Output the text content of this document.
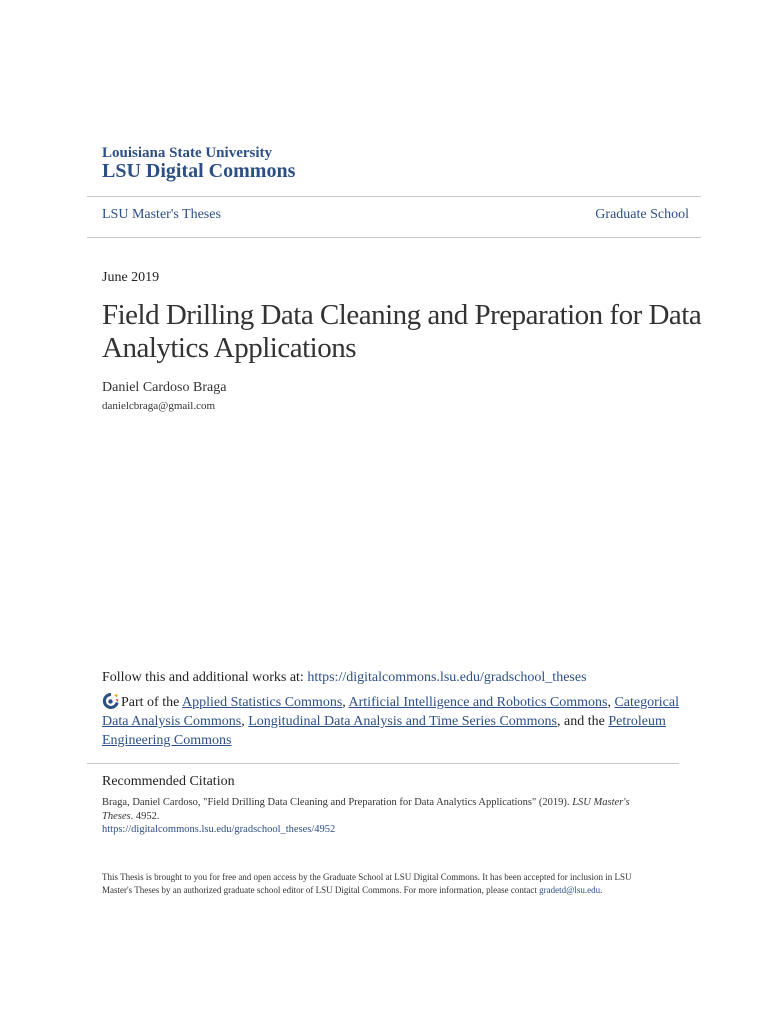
Louisiana State University
LSU Digital Commons
LSU Master's Theses	Graduate School
June 2019
Field Drilling Data Cleaning and Preparation for Data Analytics Applications
Daniel Cardoso Braga
danielcbraga@gmail.com
Follow this and additional works at: https://digitalcommons.lsu.edu/gradschool_theses
Part of the Applied Statistics Commons, Artificial Intelligence and Robotics Commons, Categorical Data Analysis Commons, Longitudinal Data Analysis and Time Series Commons, and the Petroleum Engineering Commons
Recommended Citation
Braga, Daniel Cardoso, "Field Drilling Data Cleaning and Preparation for Data Analytics Applications" (2019). LSU Master's Theses. 4952.
https://digitalcommons.lsu.edu/gradschool_theses/4952
This Thesis is brought to you for free and open access by the Graduate School at LSU Digital Commons. It has been accepted for inclusion in LSU Master's Theses by an authorized graduate school editor of LSU Digital Commons. For more information, please contact gradetd@lsu.edu.
